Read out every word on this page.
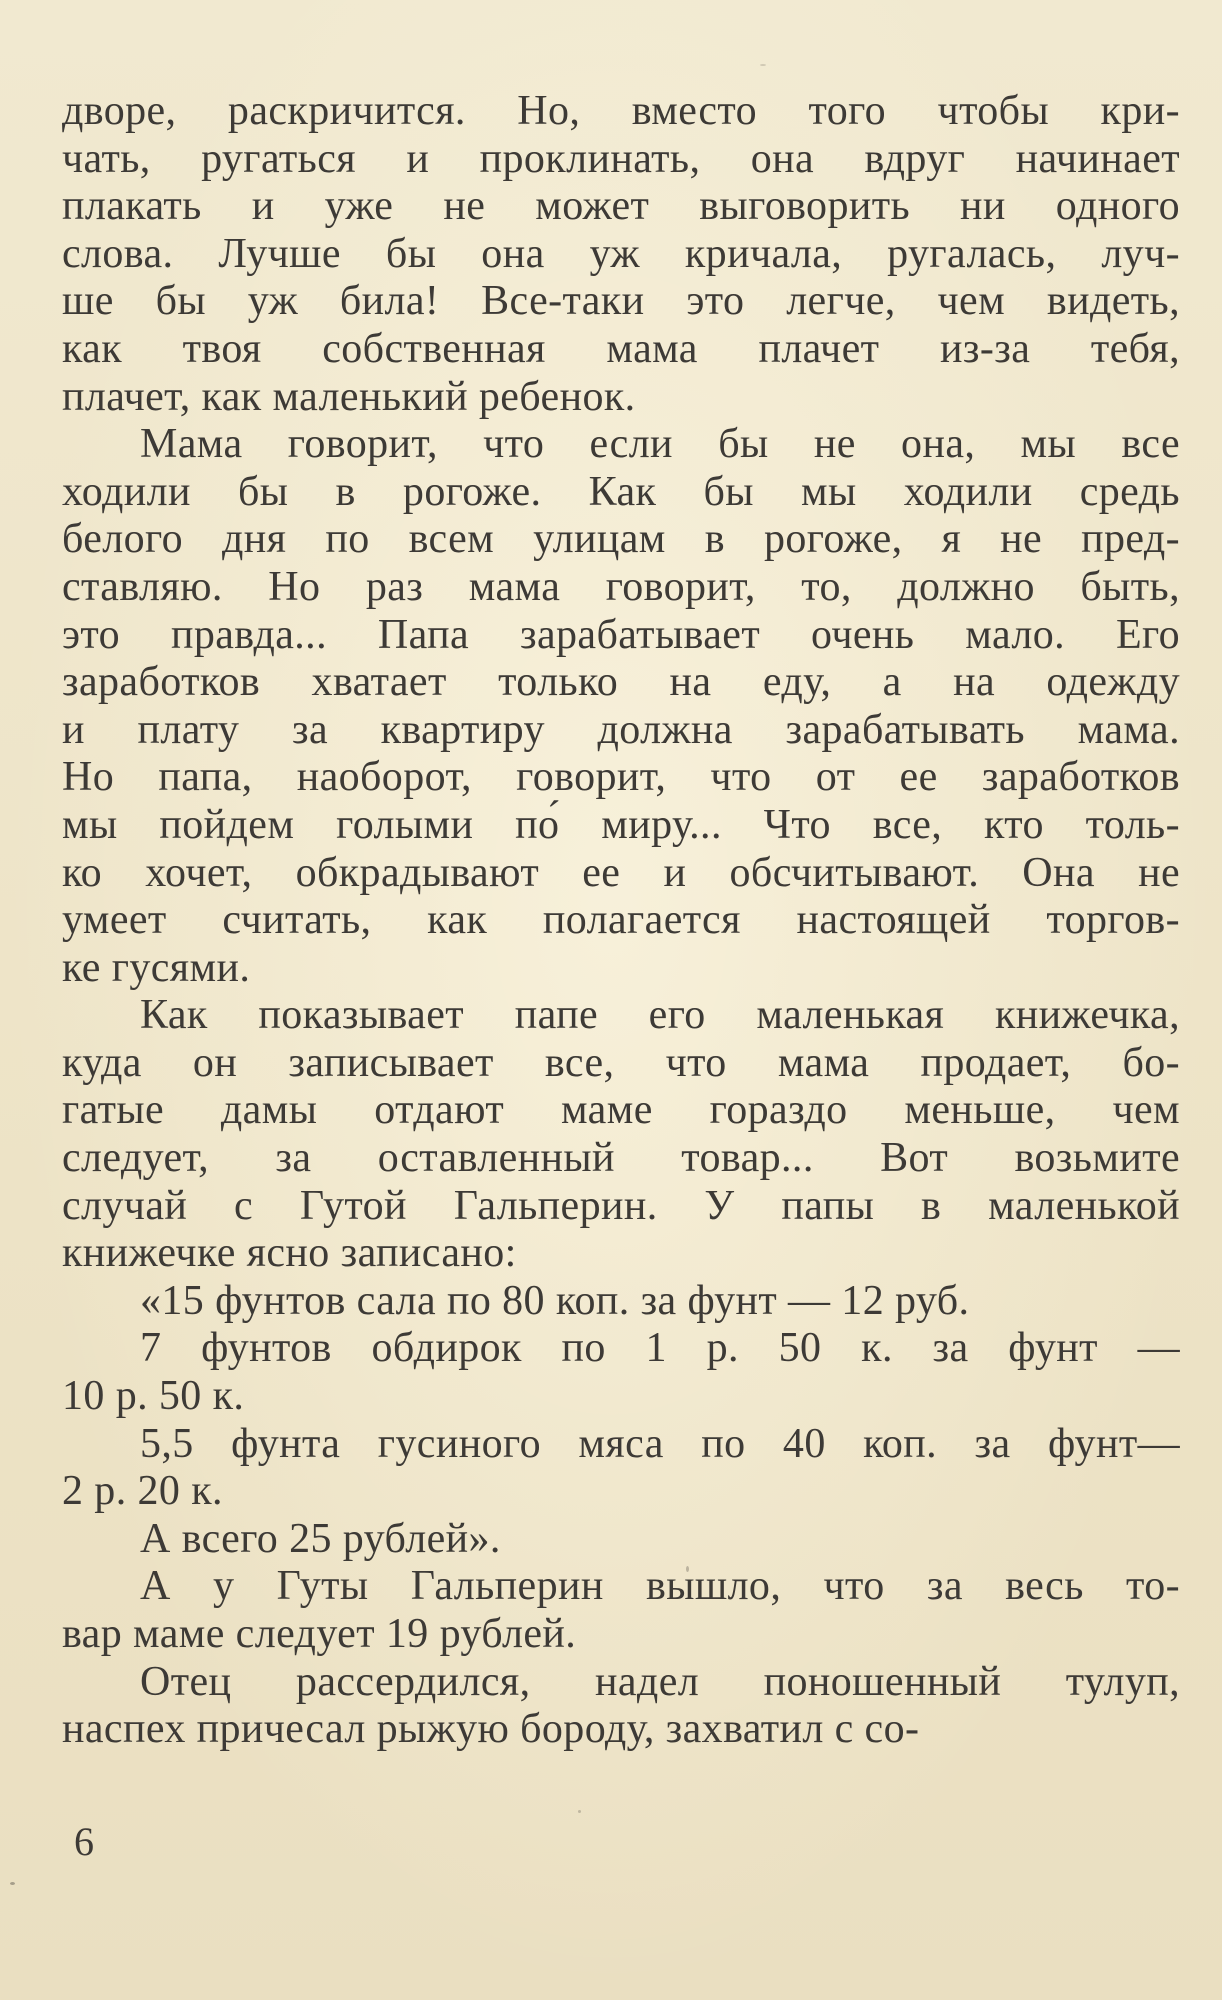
дворе, раскричится. Но, вместо того чтобы кри-
чать, ругаться и проклинать, она вдруг начинает
плакать и уже не может выговорить ни одного
слова. Лучше бы она уж кричала, ругалась, луч-
ше бы уж била! Все-таки это легче, чем видеть,
как твоя собственная мама плачет из-за тебя,
плачет, как маленький ребенок.
Мама говорит, что если бы не она, мы все
ходили бы в рогоже. Как бы мы ходили средь
белого дня по всем улицам в рогоже, я не пред-
ставляю. Но раз мама говорит, то, должно быть,
это правда... Папа зарабатывает очень мало. Его
заработков хватает только на еду, а на одежду
и плату за квартиру должна зарабатывать мама.
Но папа, наоборот, говорит, что от ее заработков
мы пойдем голыми по́ миру... Что все, кто толь-
ко хочет, обкрадывают ее и обсчитывают. Она не
умеет считать, как полагается настоящей торгов-
ке гусями.
Как показывает папе его маленькая книжечка,
куда он записывает все, что мама продает, бо-
гатые дамы отдают маме гораздо меньше, чем
следует, за оставленный товар... Вот возьмите
случай с Гутой Гальперин. У папы в маленькой
книжечке ясно записано:
«15 фунтов сала по 80 коп. за фунт — 12 руб.
7 фунтов обдирок по 1 р. 50 к. за фунт —
10 р. 50 к.
5,5 фунта гусиного мяса по 40 коп. за фунт—
2 р. 20 к.
А всего 25 рублей».
А у Гуты Гальперин вышло, что за весь то-
вар маме следует 19 рублей.
Отец рассердился, надел поношенный тулуп,
наспех причесал рыжую бороду, захватил с со-
6
